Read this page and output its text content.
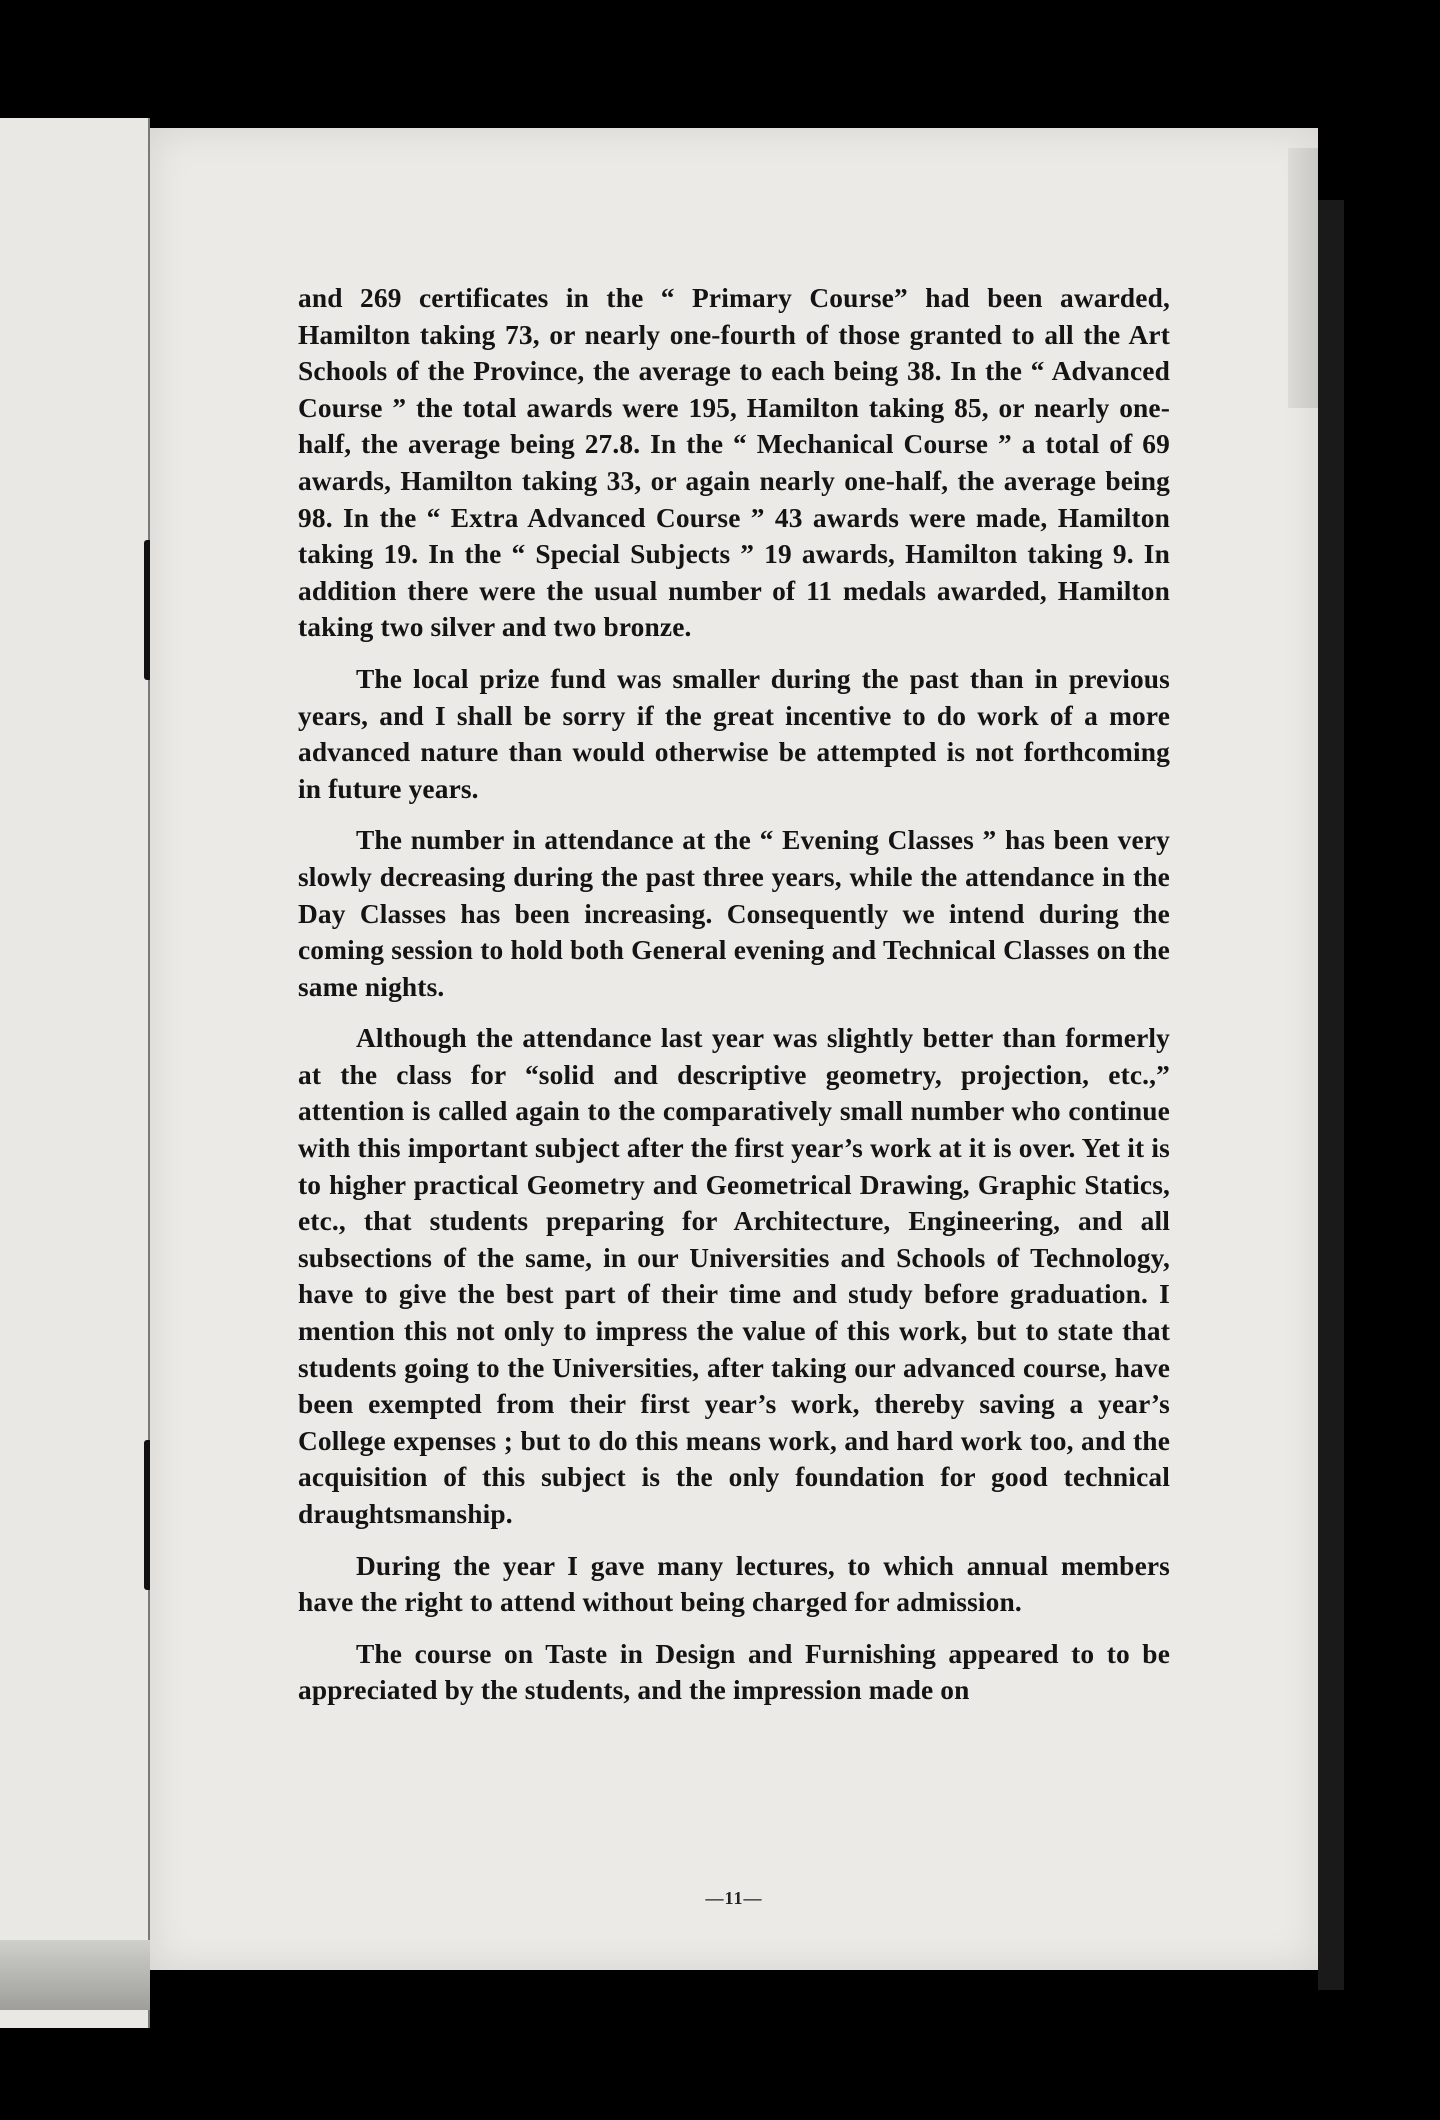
and 269 certificates in the “ Primary Course” had been awarded, Hamilton taking 73, or nearly one-fourth of those granted to all the Art Schools of the Province, the average to each being 38. In the “ Advanced Course ” the total awards were 195, Hamilton taking 85, or nearly one-half, the average being 27.8. In the “ Mechanical Course ” a total of 69 awards, Hamilton taking 33, or again nearly one-half, the average being 98. In the “ Extra Advanced Course ” 43 awards were made, Hamilton taking 19. In the “ Special Subjects ” 19 awards, Hamilton taking 9. In addition there were the usual number of 11 medals awarded, Hamilton taking two silver and two bronze.

The local prize fund was smaller during the past than in previous years, and I shall be sorry if the great incentive to do work of a more advanced nature than would otherwise be attempted is not forthcoming in future years.

The number in attendance at the “ Evening Classes ” has been very slowly decreasing during the past three years, while the attendance in the Day Classes has been increasing. Consequently we intend during the coming session to hold both General evening and Technical Classes on the same nights.

Although the attendance last year was slightly better than formerly at the class for “solid and descriptive geometry, projection, etc.,” attention is called again to the comparatively small number who continue with this important subject after the first year’s work at it is over. Yet it is to higher practical Geometry and Geometrical Drawing, Graphic Statics, etc., that students preparing for Architecture, Engineering, and all subsections of the same, in our Universities and Schools of Technology, have to give the best part of their time and study before graduation. I mention this not only to impress the value of this work, but to state that students going to the Universities, after taking our advanced course, have been exempted from their first year’s work, thereby saving a year’s College expenses ; but to do this means work, and hard work too, and the acquisition of this subject is the only foundation for good technical draughtsmanship.

During the year I gave many lectures, to which annual members have the right to attend without being charged for admission.

The course on Taste in Design and Furnishing appeared to to be appreciated by the students, and the impression made on

—11—
